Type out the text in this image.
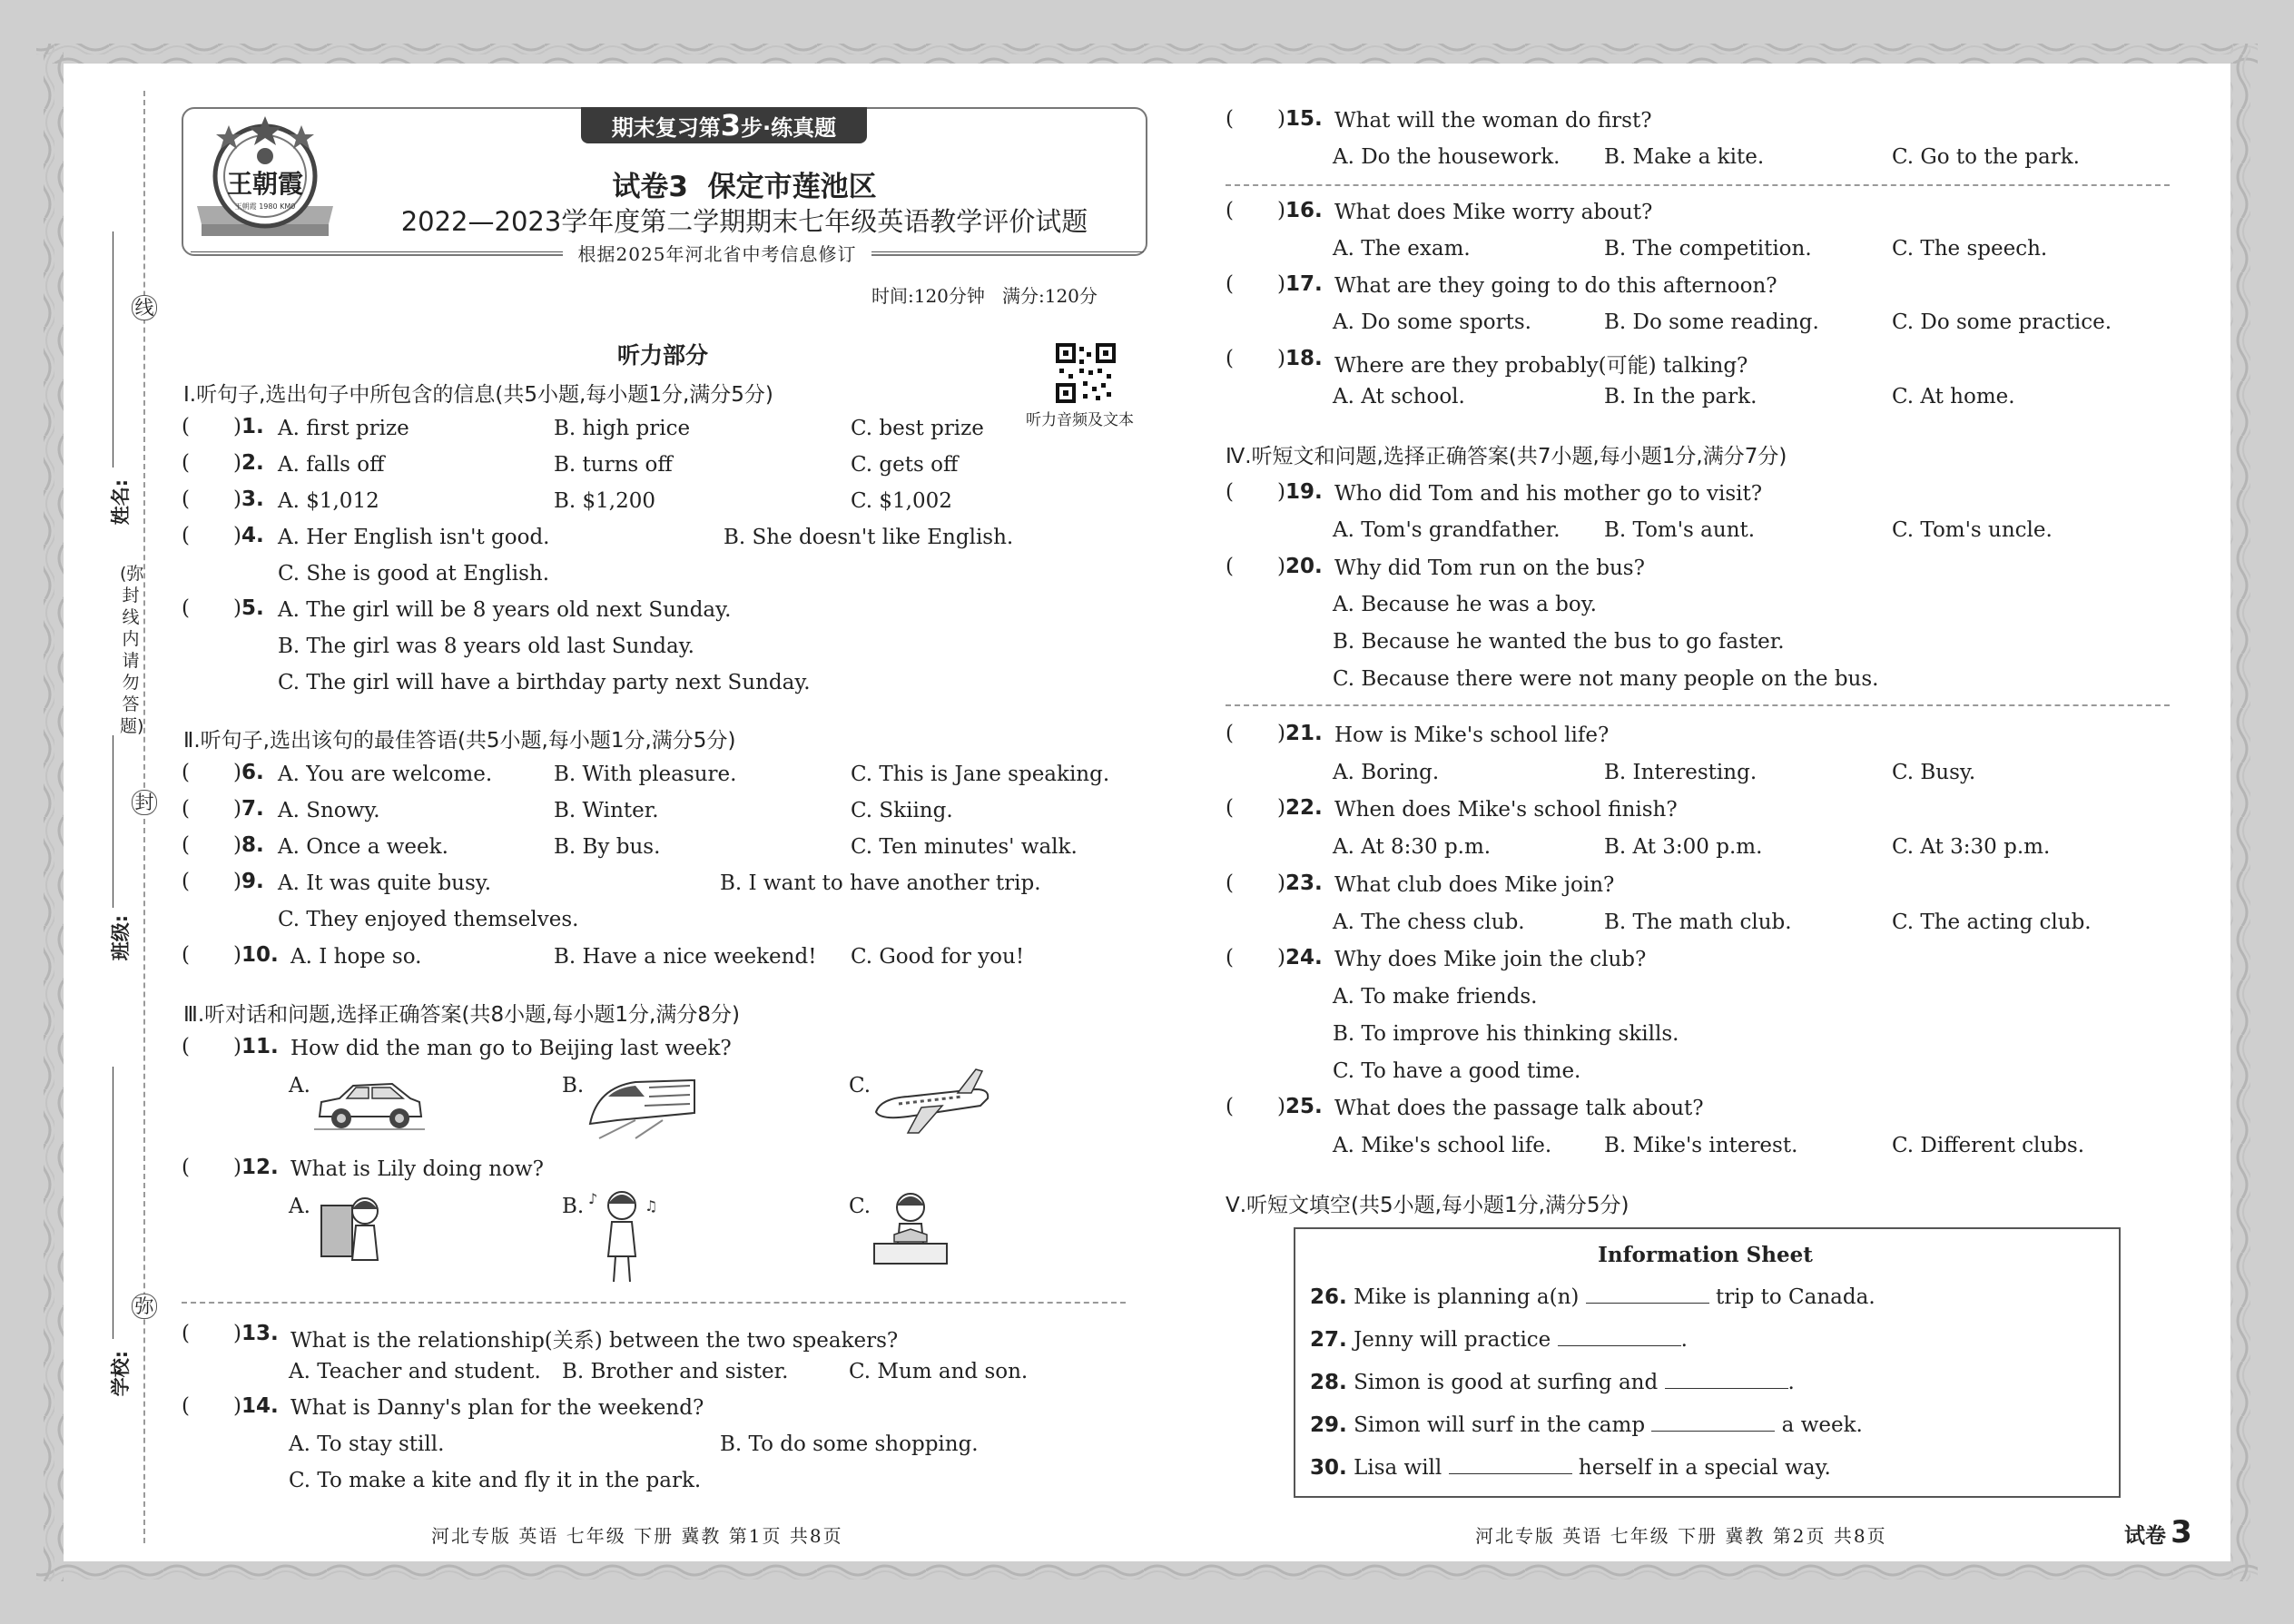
线
封
弥
(弥封线内请勿答题)
姓名:
班级:
学校:
期末复习第3步·练真题
王朝霞
王朝霞 1980 KM0
试卷3  保定市莲池区
2022—2023学年度第二学期期末七年级英语教学评价试题
根据2025年河北省中考信息修订
时间:120分钟   满分:120分
听力部分
听力音频及文本
Ⅰ.听句子,选出句子中所包含的信息(共5小题,每小题1分,满分5分)
( )1. A. first prize	B. high price	C. best prize
( )2. A. falls off	B. turns off	C. gets off
( )3. A. $1,012	B. $1,200	C. $1,002
( )4. A. Her English isn't good.	B. She doesn't like English.
C. She is good at English.
( )5. A. The girl will be 8 years old next Sunday.
B. The girl was 8 years old last Sunday.
C. The girl will have a birthday party next Sunday.
Ⅱ.听句子,选出该句的最佳答语(共5小题,每小题1分,满分5分)
( )6. A. You are welcome.	B. With pleasure.	C. This is Jane speaking.
( )7. A. Snowy.	B. Winter.	C. Skiing.
( )8. A. Once a week.	B. By bus.	C. Ten minutes' walk.
( )9. A. It was quite busy.	B. I want to have another trip.
C. They enjoyed themselves.
( )10. A. I hope so.	B. Have a nice weekend! C. Good for you!
Ⅲ.听对话和问题,选择正确答案(共8小题,每小题1分,满分8分)
( )11. How did the man go to Beijing last week?
A.	B.	C.
( )12. What is Lily doing now?
A.	B. ♪	♫	C.
( )13. What is the relationship(关系) between the two speakers?
A. Teacher and student. B. Brother and sister.	C. Mum and son.
( )14. What is Danny's plan for the weekend?
A. To stay still.	B. To do some shopping.
C. To make a kite and fly it in the park.
河北专版 英语 七年级 下册 冀教 第1页 共8页
( )15. What will the woman do first?
A. Do the housework. B. Make a kite.	C. Go to the park.
( )16. What does Mike worry about?
A. The exam.	B. The competition.	C. The speech.
( )17. What are they going to do this afternoon?
A. Do some sports.	B. Do some reading.	C. Do some practice.
( )18. Where are they probably(可能) talking?
A. At school.	B. In the park.	C. At home.
Ⅳ.听短文和问题,选择正确答案(共7小题,每小题1分,满分7分)
( )19. Who did Tom and his mother go to visit?
A. Tom's grandfather. B. Tom's aunt.	C. Tom's uncle.
( )20. Why did Tom run on the bus?
A. Because he was a boy.
B. Because he wanted the bus to go faster.
C. Because there were not many people on the bus.
( )21. How is Mike's school life?
A. Boring.	B. Interesting.	C. Busy.
( )22. When does Mike's school finish?
A. At 8:30 p.m.	B. At 3:00 p.m.	C. At 3:30 p.m.
( )23. What club does Mike join?
A. The chess club.	B. The math club.	C. The acting club.
( )24. Why does Mike join the club?
A. To make friends.
B. To improve his thinking skills.
C. To have a good time.
( )25. What does the passage talk about?
A. Mike's school life.	B. Mike's interest.	C. Different clubs.
Ⅴ.听短文填空(共5小题,每小题1分,满分5分)
Information Sheet
26. Mike is planning a(n)	trip to Canada.
27. Jenny will practice	.
28. Simon is good at surfing and	.
29. Simon will surf in the camp	a week.
30. Lisa will	herself in a special way.
河北专版 英语 七年级 下册 冀教 第2页 共8页	试卷 3
